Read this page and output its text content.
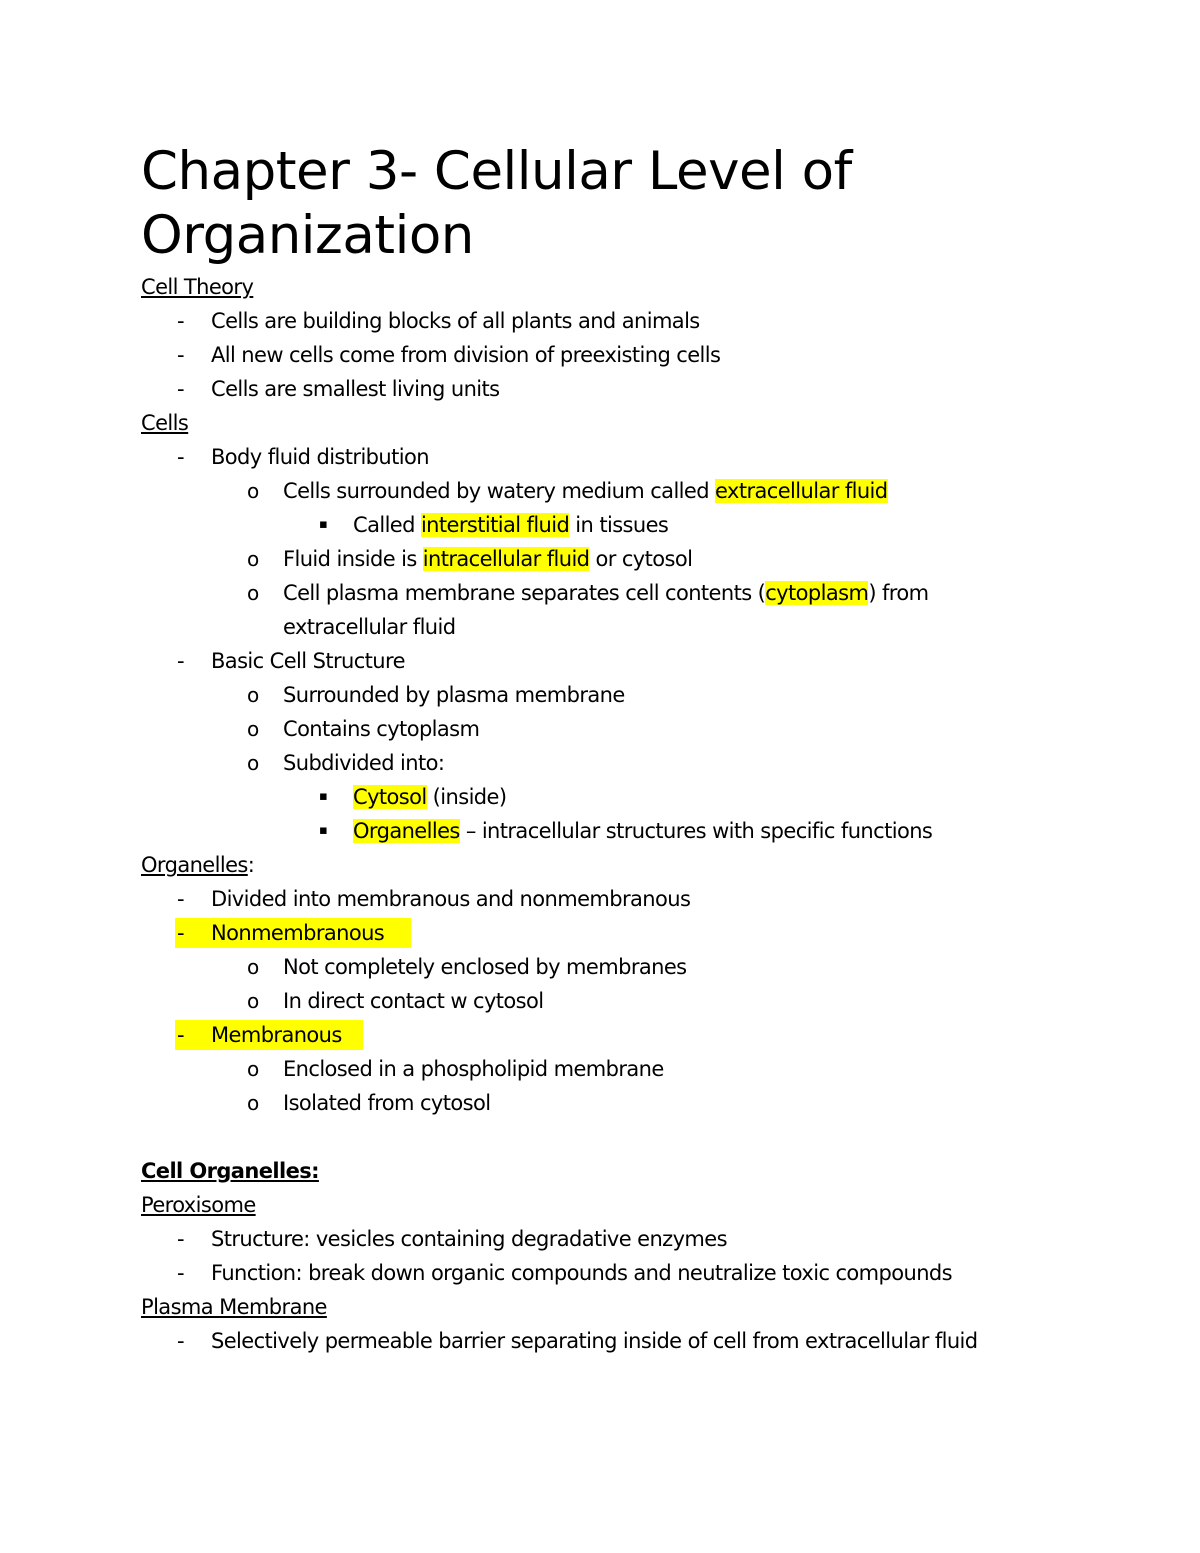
Chapter 3- Cellular Level of Organization
Cell Theory
- Cells are building blocks of all plants and animals
- All new cells come from division of preexisting cells
- Cells are smallest living units
Cells
- Body fluid distribution
o Cells surrounded by watery medium called extracellular fluid
▪ Called interstitial fluid in tissues
o Fluid inside is intracellular fluid or cytosol
o Cell plasma membrane separates cell contents (cytoplasm) from extracellular fluid
- Basic Cell Structure
o Surrounded by plasma membrane
o Contains cytoplasm
o Subdivided into:
▪ Cytosol (inside)
▪ Organelles – intracellular structures with specific functions
Organelles:
- Divided into membranous and nonmembranous
- Nonmembranous
o Not completely enclosed by membranes
o In direct contact w cytosol
- Membranous
o Enclosed in a phospholipid membrane
o Isolated from cytosol
Cell Organelles:
Peroxisome
- Structure: vesicles containing degradative enzymes
- Function: break down organic compounds and neutralize toxic compounds
Plasma Membrane
- Selectively permeable barrier separating inside of cell from extracellular fluid
